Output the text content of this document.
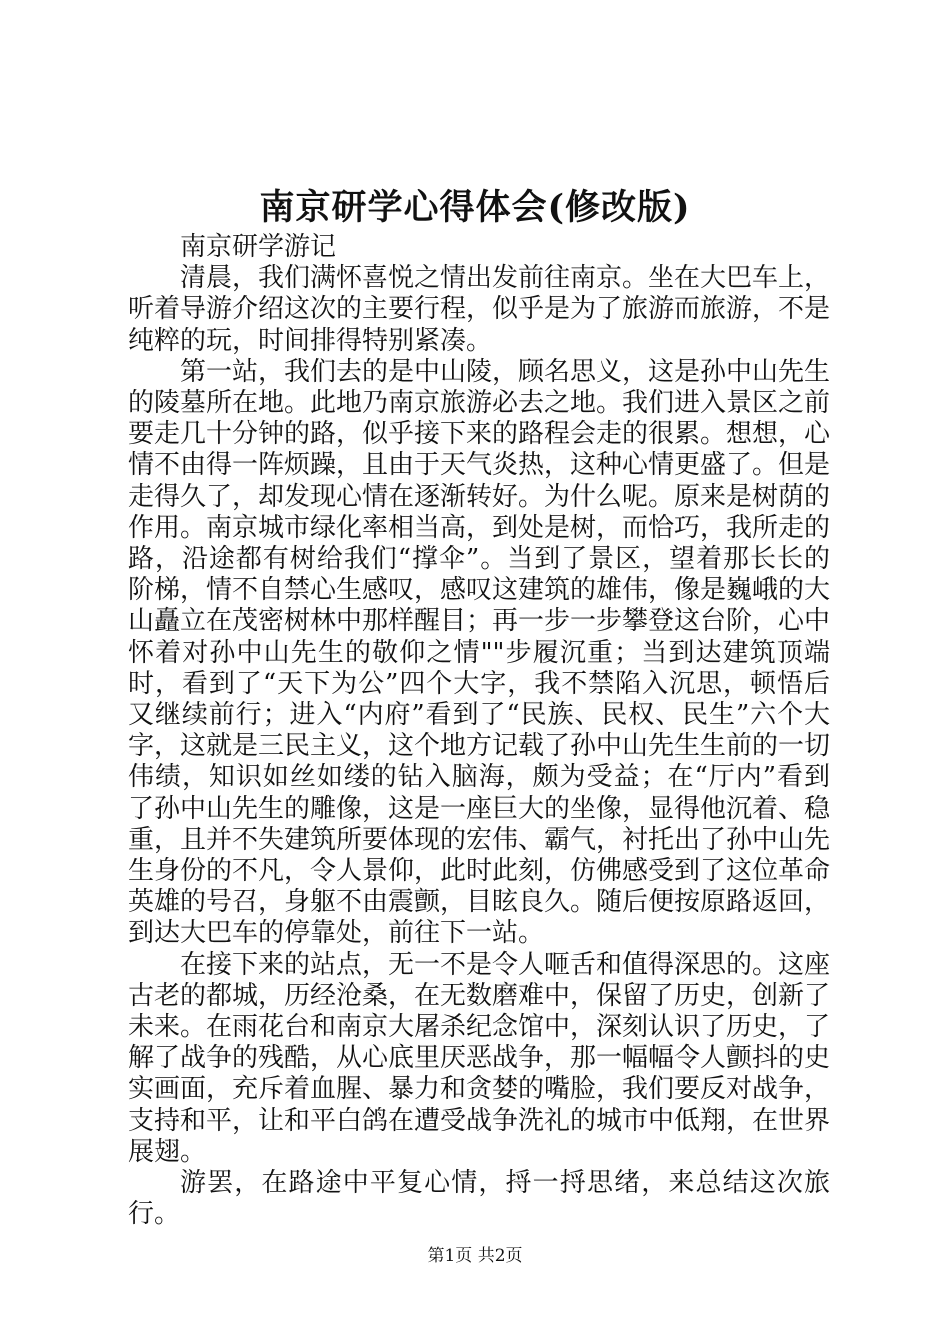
南京研学心得体会(修改版)

南京研学游记

清晨，我们满怀喜悦之情出发前往南京。坐在大巴车上，听着导游介绍这次的主要行程，似乎是为了旅游而旅游，不是纯粹的玩，时间排得特别紧凑。

第一站，我们去的是中山陵，顾名思义，这是孙中山先生的陵墓所在地。此地乃南京旅游必去之地。我们进入景区之前要走几十分钟的路，似乎接下来的路程会走的很累。想想，心情不由得一阵烦躁，且由于天气炎热，这种心情更盛了。但是走得久了，却发现心情在逐渐转好。为什么呢。原来是树荫的作用。南京城市绿化率相当高，到处是树，而恰巧，我所走的路，沿途都有树给我们“撑伞”。当到了景区，望着那长长的阶梯，情不自禁心生感叹，感叹这建筑的雄伟，像是巍峨的大山矗立在茂密树林中那样醒目；再一步一步攀登这台阶，心中怀着对孙中山先生的敬仰之情""步履沉重；当到达建筑顶端时，看到了“天下为公”四个大字，我不禁陷入沉思，顿悟后又继续前行；进入“内府”看到了“民族、民权、民生”六个大字，这就是三民主义，这个地方记载了孙中山先生生前的一切伟绩，知识如丝如缕的钻入脑海，颇为受益；在“厅内”看到了孙中山先生的雕像，这是一座巨大的坐像，显得他沉着、稳重，且并不失建筑所要体现的宏伟、霸气，衬托出了孙中山先生身份的不凡，令人景仰，此时此刻，仿佛感受到了这位革命英雄的号召，身躯不由震颤，目眩良久。随后便按原路返回，到达大巴车的停靠处，前往下一站。

在接下来的站点，无一不是令人咂舌和值得深思的。这座古老的都城，历经沧桑，在无数磨难中，保留了历史，创新了未来。在雨花台和南京大屠杀纪念馆中，深刻认识了历史，了解了战争的残酷，从心底里厌恶战争，那一幅幅令人颤抖的史实画面，充斥着血腥、暴力和贪婪的嘴脸，我们要反对战争，支持和平，让和平白鸽在遭受战争洗礼的城市中低翔，在世界展翅。

游罢，在路途中平复心情，捋一捋思绪，来总结这次旅行。

第1页 共2页
